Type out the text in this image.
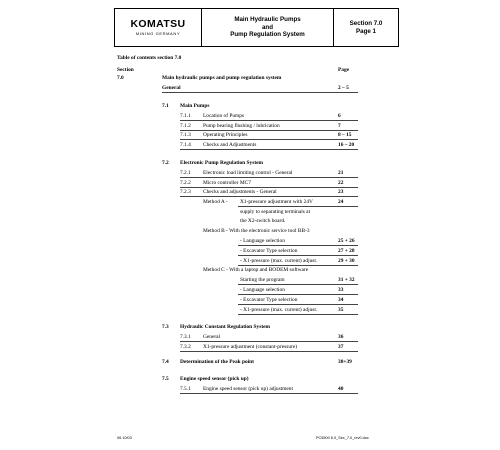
KOMATSU
MINING GERMANY
Main Hydraulic Pumps
and
Pump Regulation System
Section 7.0
Page 1
Table of contents section 7.0
Section	Page
7.0	Main hydraulic pumps and pump regulation system
General	2 – 5
7.1 Main Pumps
7.1.1 Location of Pumps	6
7.1.2 Pump bearing flushing / lubrication	7
7.1.3 Operating Principles	8 – 15
7.1.4 Checks and Adjustments	16 – 20
7.2 Electronic Pump Regulation System
7.2.1 Electronic load limiting control - General	21
7.2.2 Micro controller MC7	22
7.2.3 Checks and adjustments - General	23
Method A - X1-pressure adjustment with 24V	24
supply to separating terminals at
the X2-switch board.
Method B - With the electronic service tool BB-3
- Language selection	25 + 26
- Excavator Type selection	27 + 28
- X1-pressure (max. current) adjust.	29 + 30
Method C - With a laptop and BODEM software
Starting the program	31 + 32
- Language selection	33
- Excavator Type selection	34
- X1-pressure (max. current) adjust.	35
7.3 Hydraulic Constant Regulation System
7.3.1 General	36
7.3.2 X1-pressure adjustment (constant-pressure)	37
7.4 Determination of the Peak point	38+39
7.5 Engine speed sensor (pick up)
7.5.1 Engine speed sensor (pick up) adjustment	40
06.10/03	PC5500 6.0_Sec_7.0_rev0.doc
